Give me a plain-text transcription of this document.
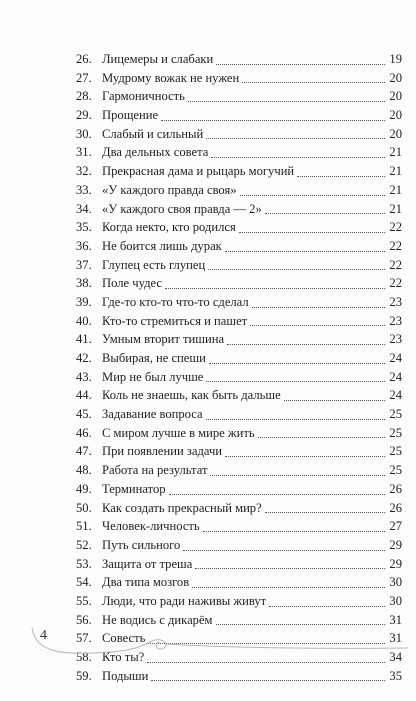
26. Лицемеры и слабаки	19
27. Мудрому вожак не нужен	20
28. Гармоничность	20
29. Прощение	20
30. Слабый и сильный	20
31. Два дельных совета	21
32. Прекрасная дама и рыцарь могучий	21
33. «У каждого правда своя»	21
34. «У каждого своя правда — 2»	21
35. Когда некто, кто родился	22
36. Не боится лишь дурак	22
37. Глупец есть глупец	22
38. Поле чудес	22
39. Где-то кто-то что-то сделал	23
40. Кто-то стремиться и пашет	23
41. Умным вторит тишина	23
42. Выбирая, не спеши	24
43. Мир не был лучше	24
44. Коль не знаешь, как быть дальше	24
45. Задавание вопроса	25
46. С миром лучше в мире жить	25
47. При появлении задачи	25
48. Работа на результат	25
49. Терминатор	26
50. Как создать прекрасный мир?	26
51. Человек-личность	27
52. Путь сильного	29
53. Защита от треша	29
54. Два типа мозгов	30
55. Люди, что ради наживы живут	30
56. Не водись с дикарём	31
57. Совесть	31
58. Кто ты?	34
59. Подыши	35
4
